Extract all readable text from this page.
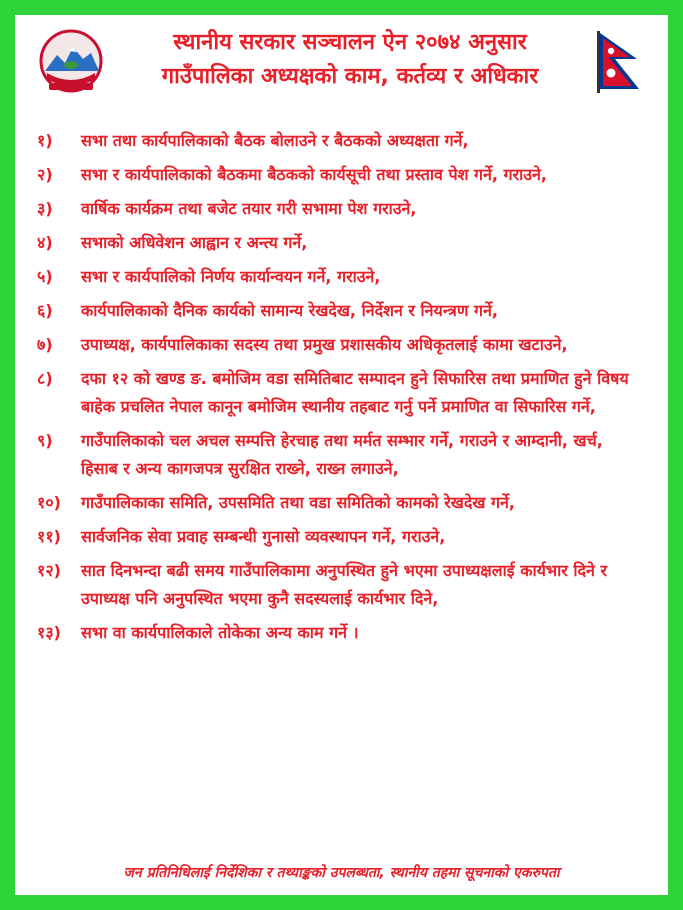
स्थानीय सरकार सञ्चालन ऐन २०७४ अनुसार
गाउँपालिका अध्यक्षको काम, कर्तव्य र अधिकार
१)	सभा तथा कार्यपालिकाको बैठक बोलाउने र बैठकको अध्यक्षता गर्ने,
२)	सभा र कार्यपालिकाको बैठकमा बैठकको कार्यसूची तथा प्रस्ताव पेश गर्ने, गराउने,
३)	वार्षिक कार्यक्रम तथा बजेट तयार गरी सभामा पेश गराउने,
४)	सभाको अधिवेशन आह्वान र अन्त्य गर्ने,
५)	सभा र कार्यपालिको निर्णय कार्यान्वयन गर्ने, गराउने,
६)	कार्यपालिकाको दैनिक कार्यको सामान्य रेखदेख, निर्देशन र नियन्त्रण गर्ने,
७)	उपाध्यक्ष, कार्यपालिकाका सदस्य तथा प्रमुख प्रशासकीय अधिकृतलाई कामा खटाउने,
८)	दफा १२ को खण्ड ङ. बमोजिम वडा समितिबाट सम्पादन हुने सिफारिस तथा प्रमाणित हुने विषय बाहेक प्रचलित नेपाल कानून बमोजिम स्थानीय तहबाट गर्नु पर्ने प्रमाणित वा सिफारिस गर्ने,
९)	गाउँपालिकाको चल अचल सम्पत्ति हेरचाह तथा मर्मत सम्भार गर्ने, गराउने र आम्दानी, खर्च, हिसाब र अन्य कागजपत्र सुरक्षित राख्ने, राख्न लगाउने,
१०)	गाउँपालिकाका समिति, उपसमिति तथा वडा समितिको कामको रेखदेख गर्ने,
११)	सार्वजनिक सेवा प्रवाह सम्बन्धी गुनासो व्यवस्थापन गर्ने, गराउने,
१२)	सात दिनभन्दा बढी समय गाउँपालिकामा अनुपस्थित हुने भएमा उपाध्यक्षलाई कार्यभार दिने र उपाध्यक्ष पनि अनुपस्थित भएमा कुनै सदस्यलाई कार्यभार दिने,
१३)	सभा वा कार्यपालिकाले तोकेका अन्य काम गर्ने ।
जन प्रतिनिधिलाई निर्देशिका र तथ्याङ्कको उपलब्धता, स्थानीय तहमा सूचनाको एकरुपता
